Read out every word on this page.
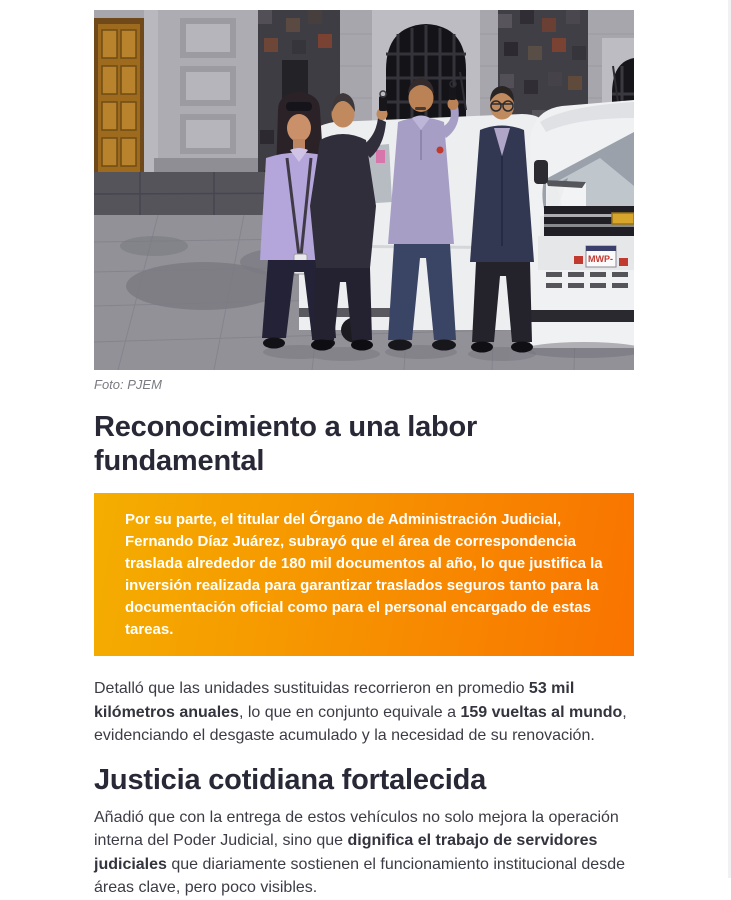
MWP-
Foto: PJEM
Reconocimiento a una labor fundamental

Por su parte, el titular del Órgano de Administración Judicial, Fernando Díaz Juárez, subrayó que el área de correspondencia traslada alrededor de 180 mil documentos al año, lo que justifica la inversión realizada para garantizar traslados seguros tanto para la documentación oficial como para el personal encargado de estas tareas.

Detalló que las unidades sustituidas recorrieron en promedio 53 mil kilómetros anuales, lo que en conjunto equivale a 159 vueltas al mundo, evidenciando el desgaste acumulado y la necesidad de su renovación.

Justicia cotidiana fortalecida

Añadió que con la entrega de estos vehículos no solo mejora la operación interna del Poder Judicial, sino que dignifica el trabajo de servidores judiciales que diariamente sostienen el funcionamiento institucional desde áreas clave, pero poco visibles.
